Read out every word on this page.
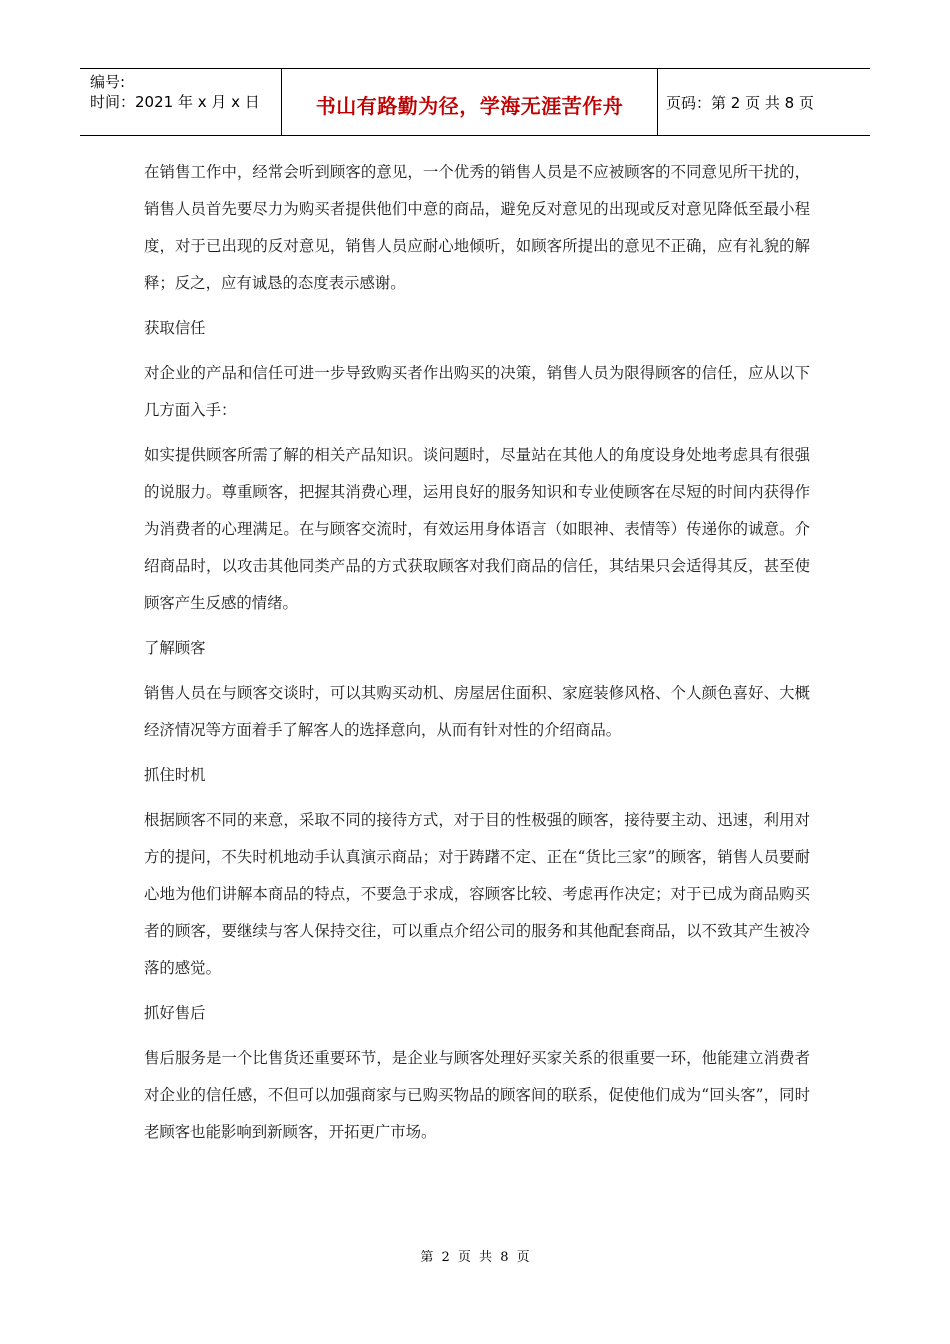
编号:
时间：2021 年 x 月 x 日	书山有路勤为径，学海无涯苦作舟	页码：第 2 页 共 8 页

在销售工作中，经常会听到顾客的意见，一个优秀的销售人员是不应被顾客的不同意见所干扰的，销售人员首先要尽力为购买者提供他们中意的商品，避免反对意见的出现或反对意见降低至最小程度，对于已出现的反对意见，销售人员应耐心地倾听，如顾客所提出的意见不正确，应有礼貌的解释；反之，应有诚恳的态度表示感谢。

获取信任

对企业的产品和信任可进一步导致购买者作出购买的决策，销售人员为限得顾客的信任，应从以下几方面入手：

如实提供顾客所需了解的相关产品知识。谈问题时，尽量站在其他人的角度设身处地考虑具有很强的说服力。尊重顾客，把握其消费心理，运用良好的服务知识和专业使顾客在尽短的时间内获得作为消费者的心理满足。在与顾客交流时，有效运用身体语言（如眼神、表情等）传递你的诚意。介绍商品时，以攻击其他同类产品的方式获取顾客对我们商品的信任，其结果只会适得其反，甚至使顾客产生反感的情绪。

了解顾客

销售人员在与顾客交谈时，可以其购买动机、房屋居住面积、家庭装修风格、个人颜色喜好、大概经济情况等方面着手了解客人的选择意向，从而有针对性的介绍商品。

抓住时机

根据顾客不同的来意，采取不同的接待方式，对于目的性极强的顾客，接待要主动、迅速，利用对方的提问，不失时机地动手认真演示商品；对于踌躇不定、正在“货比三家”的顾客，销售人员要耐心地为他们讲解本商品的特点，不要急于求成，容顾客比较、考虑再作决定；对于已成为商品购买者的顾客，要继续与客人保持交往，可以重点介绍公司的服务和其他配套商品，以不致其产生被冷落的感觉。

抓好售后

售后服务是一个比售货还重要环节，是企业与顾客处理好买家关系的很重要一环，他能建立消费者对企业的信任感，不但可以加强商家与已购买物品的顾客间的联系，促使他们成为“回头客”，同时老顾客也能影响到新顾客，开拓更广市场。

第 2 页 共 8 页
